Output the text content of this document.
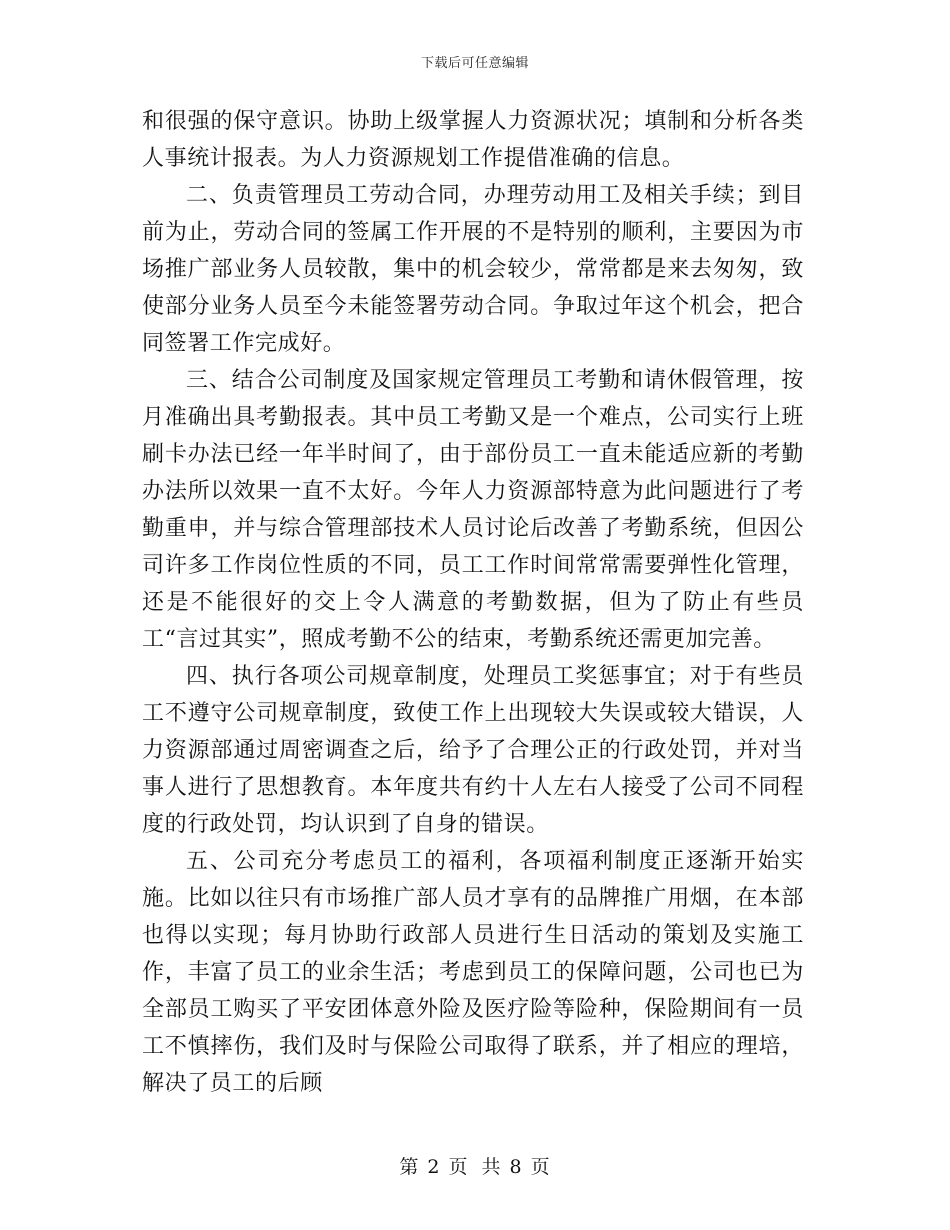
下载后可任意编辑

和很强的保守意识。协助上级掌握人力资源状况；填制和分析各类人事统计报表。为人力资源规划工作提借准确的信息。

二、负责管理员工劳动合同，办理劳动用工及相关手续；到目前为止，劳动合同的签属工作开展的不是特别的顺利，主要因为市场推广部业务人员较散，集中的机会较少，常常都是来去匆匆，致使部分业务人员至今未能签署劳动合同。争取过年这个机会，把合同签署工作完成好。

三、结合公司制度及国家规定管理员工考勤和请休假管理，按月准确出具考勤报表。其中员工考勤又是一个难点，公司实行上班刷卡办法已经一年半时间了，由于部份员工一直未能适应新的考勤办法所以效果一直不太好。今年人力资源部特意为此问题进行了考勤重申，并与综合管理部技术人员讨论后改善了考勤系统，但因公司许多工作岗位性质的不同，员工工作时间常常需要弹性化管理，还是不能很好的交上令人满意的考勤数据，但为了防止有些员工“言过其实”，照成考勤不公的结束，考勤系统还需更加完善。

四、执行各项公司规章制度，处理员工奖惩事宜；对于有些员工不遵守公司规章制度，致使工作上出现较大失误或较大错误，人力资源部通过周密调查之后，给予了合理公正的行政处罚，并对当事人进行了思想教育。本年度共有约十人左右人接受了公司不同程度的行政处罚，均认识到了自身的错误。

五、公司充分考虑员工的福利，各项福利制度正逐渐开始实施。比如以往只有市场推广部人员才享有的品牌推广用烟，在本部也得以实现；每月协助行政部人员进行生日活动的策划及实施工作，丰富了员工的业余生活；考虑到员工的保障问题，公司也已为全部员工购买了平安团体意外险及医疗险等险种，保险期间有一员工不慎摔伤，我们及时与保险公司取得了联系，并了相应的理培，解决了员工的后顾

第 2 页 共 8 页
